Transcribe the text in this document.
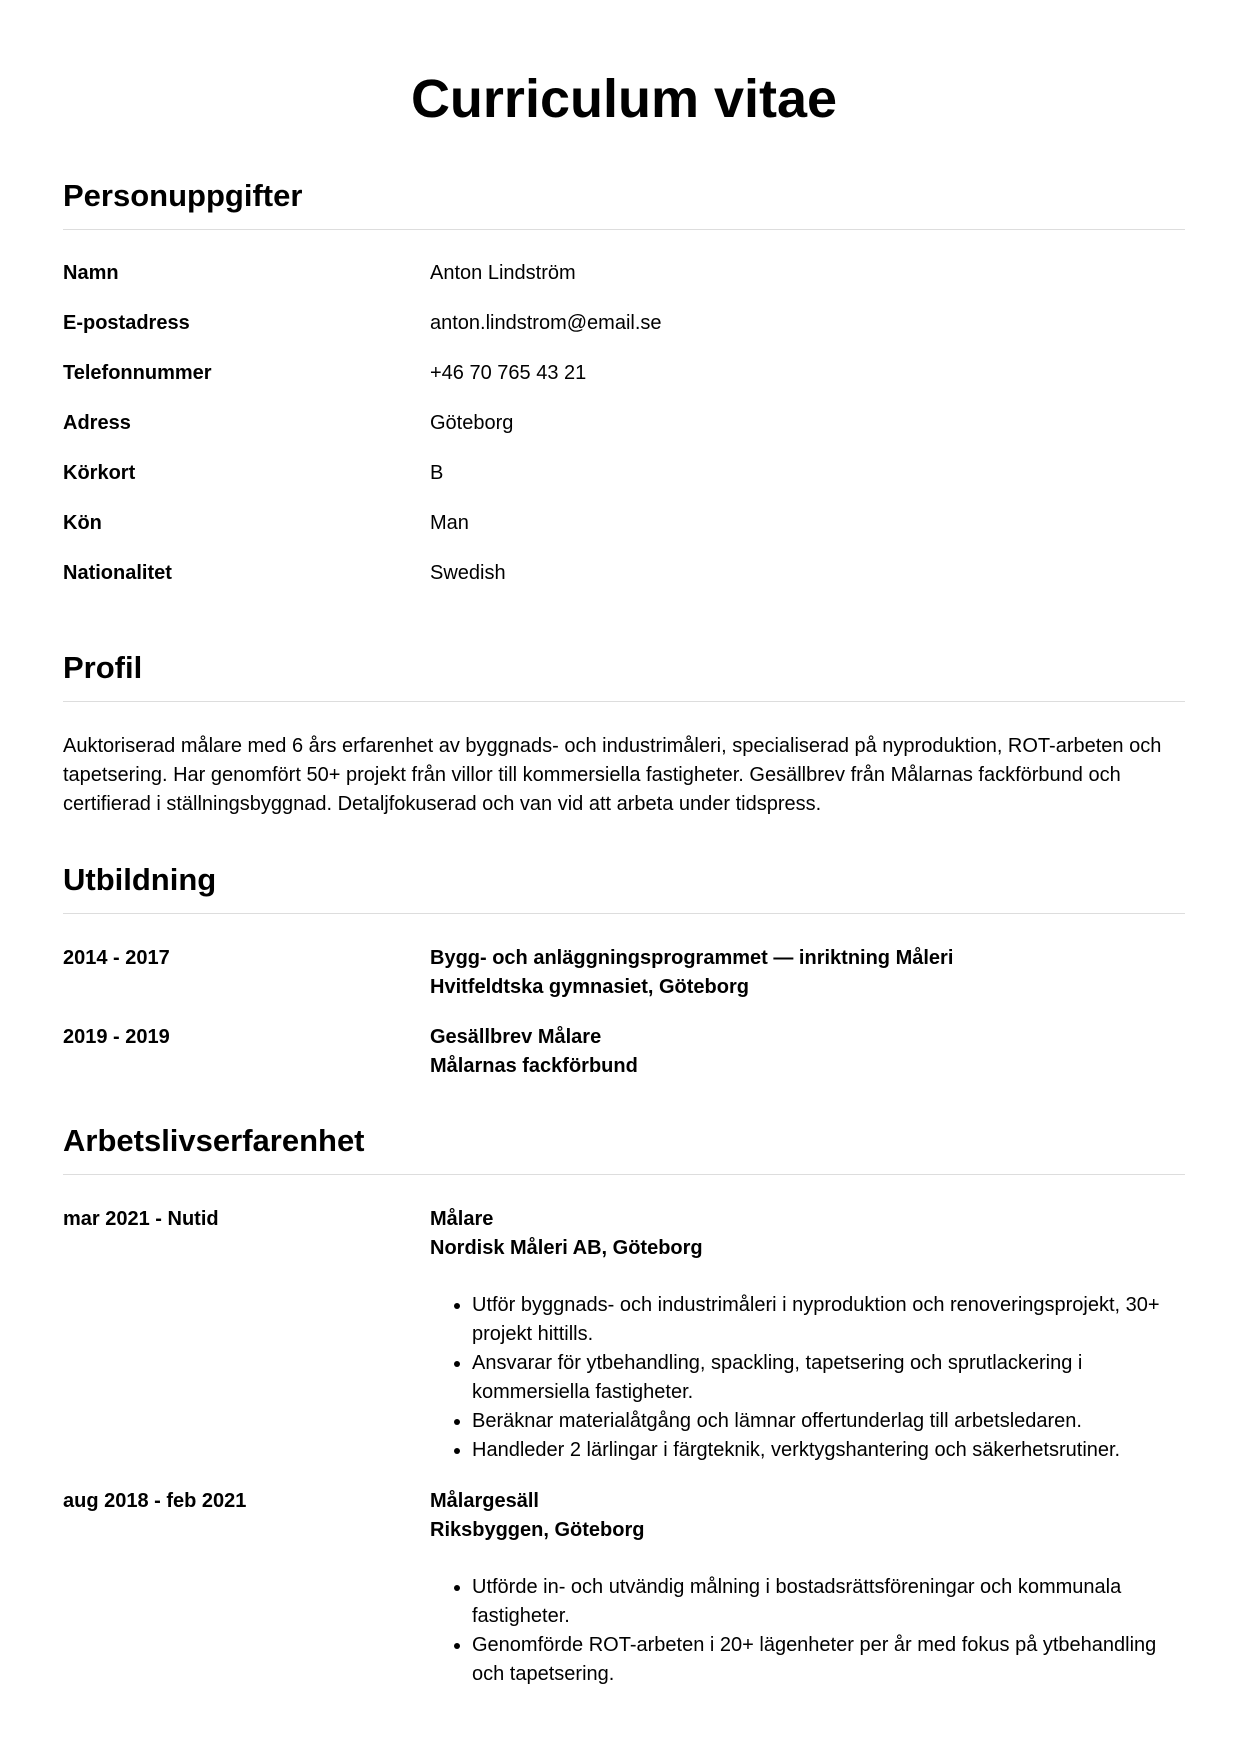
Curriculum vitae
Personuppgifter
Namn	Anton Lindström
E-postadress	anton.lindstrom@email.se
Telefonnummer	+46 70 765 43 21
Adress	Göteborg
Körkort	B
Kön	Man
Nationalitet	Swedish
Profil

Auktoriserad målare med 6 års erfarenhet av byggnads- och industrimåleri, specialiserad på nyproduktion, ROT-arbeten och tapetsering. Har genomfört 50+ projekt från villor till kommersiella fastigheter. Gesällbrev från Målarnas fackförbund och certifierad i ställningsbyggnad. Detaljfokuserad och van vid att arbeta under tidspress.

Utbildning
2014 - 2017	Bygg- och anläggningsprogrammet — inriktning Måleri
Hvitfeldtska gymnasiet, Göteborg
2019 - 2019	Gesällbrev Målare
Målarnas fackförbund
Arbetslivserfarenhet
mar 2021 - Nutid	Målare
Nordisk Måleri AB, Göteborg
• Utför byggnads- och industrimåleri i nyproduktion och renoveringsprojekt, 30+ projekt hittills.
• Ansvarar för ytbehandling, spackling, tapetsering och sprutlackering i kommersiella fastigheter.
• Beräknar materialåtgång och lämnar offertunderlag till arbetsledaren.
• Handleder 2 lärlingar i färgteknik, verktygshantering och säkerhetsrutiner.
aug 2018 - feb 2021	Målargesäll
Riksbyggen, Göteborg
• Utförde in- och utvändig målning i bostadsrättsföreningar och kommunala fastigheter.
• Genomförde ROT-arbeten i 20+ lägenheter per år med fokus på ytbehandling och tapetsering.
